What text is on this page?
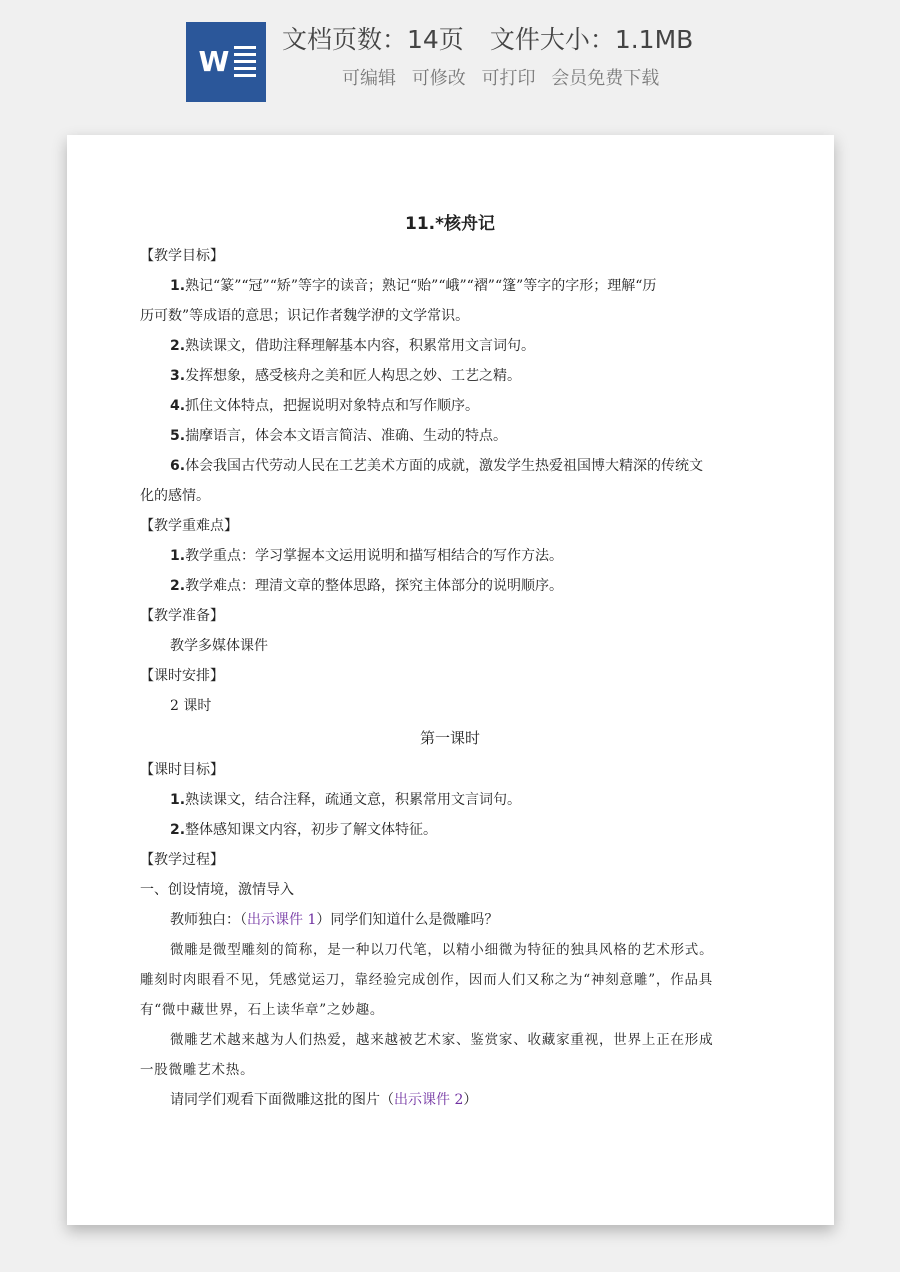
W
文档页数：14页 文件大小：1.1MB
可编辑 可修改 可打印 会员免费下载
11.*核舟记
【教学目标】
1.熟记“篆”“冠”“矫”等字的读音；熟记“贻”“峨”“褶”“篷”等字的字形；理解“历
历可数”等成语的意思；识记作者魏学洢的文学常识。
2.熟读课文，借助注释理解基本内容，积累常用文言词句。
3.发挥想象，感受核舟之美和匠人构思之妙、工艺之精。
4.抓住文体特点，把握说明对象特点和写作顺序。
5.揣摩语言，体会本文语言简洁、准确、生动的特点。
6.体会我国古代劳动人民在工艺美术方面的成就，激发学生热爱祖国博大精深的传统文
化的感情。
【教学重难点】
1.教学重点：学习掌握本文运用说明和描写相结合的写作方法。
2.教学难点：理清文章的整体思路，探究主体部分的说明顺序。
【教学准备】
教学多媒体课件
【课时安排】
2 课时
第一课时
【课时目标】
1.熟读课文，结合注释，疏通文意，积累常用文言词句。
2.整体感知课文内容，初步了解文体特征。
【教学过程】
一、创设情境，激情导入
教师独白：（出示课件 1）同学们知道什么是微雕吗？
微雕是微型雕刻的简称，是一种以刀代笔，以精小细微为特征的独具风格的艺术形式。
雕刻时肉眼看不见，凭感觉运刀，靠经验完成创作，因而人们又称之为“神刻意雕”，作品具
有“微中藏世界，石上读华章”之妙趣。
微雕艺术越来越为人们热爱，越来越被艺术家、鉴赏家、收藏家重视，世界上正在形成
一股微雕艺术热。
请同学们观看下面微雕这批的图片（出示课件 2）
